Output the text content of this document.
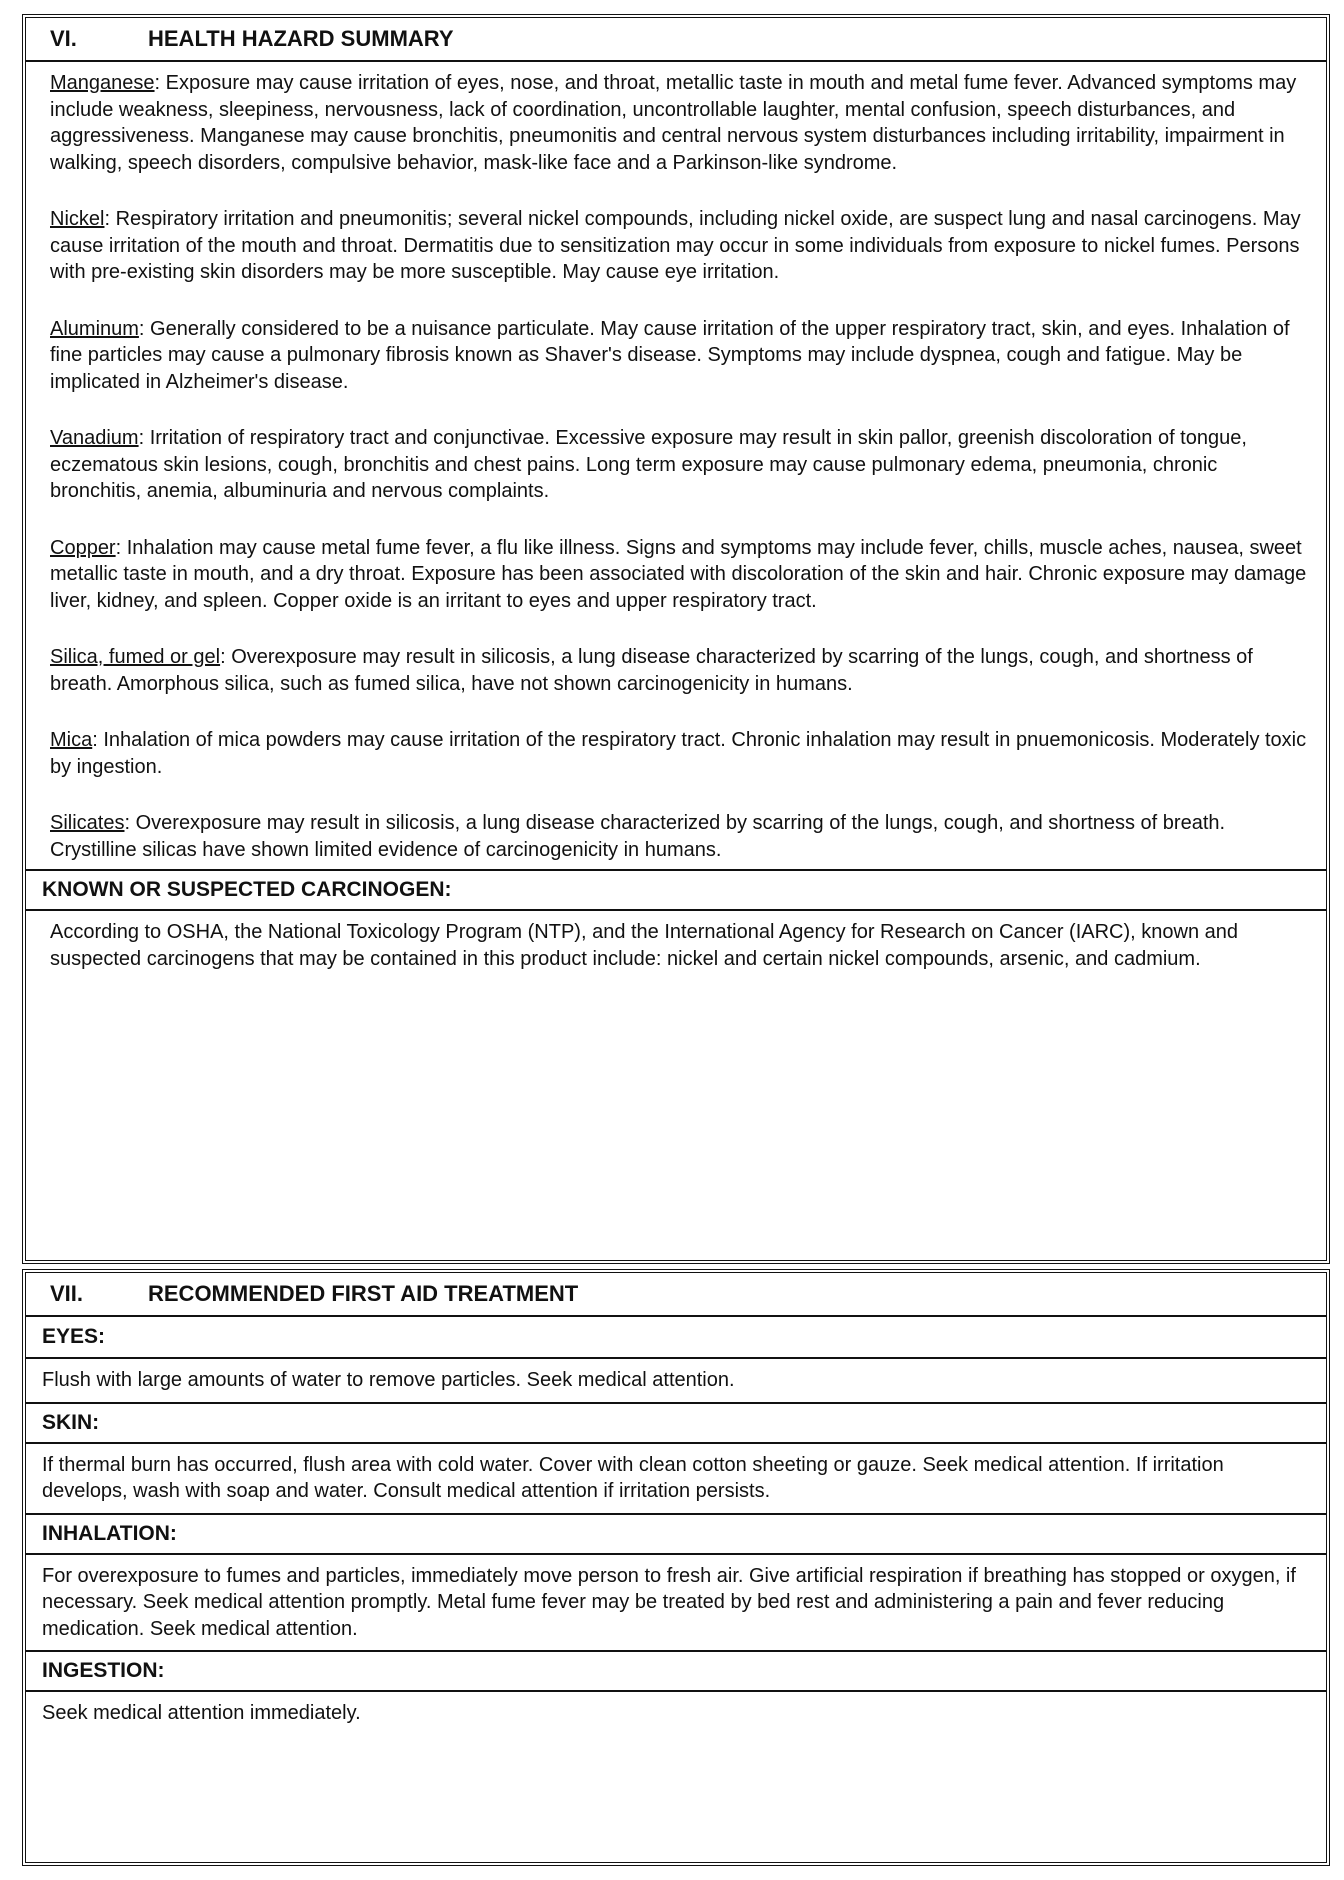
VI.	HEALTH HAZARD SUMMARY

Manganese: Exposure may cause irritation of eyes, nose, and throat, metallic taste in mouth and metal fume fever. Advanced symptoms may include weakness, sleepiness, nervousness, lack of coordination, uncontrollable laughter, mental confusion, speech disturbances, and aggressiveness. Manganese may cause bronchitis, pneumonitis and central nervous system disturbances including irritability, impairment in walking, speech disorders, compulsive behavior, mask-like face and a Parkinson-like syndrome.

Nickel: Respiratory irritation and pneumonitis; several nickel compounds, including nickel oxide, are suspect lung and nasal carcinogens. May cause irritation of the mouth and throat. Dermatitis due to sensitization may occur in some individuals from exposure to nickel fumes. Persons with pre-existing skin disorders may be more susceptible. May cause eye irritation.

Aluminum: Generally considered to be a nuisance particulate. May cause irritation of the upper respiratory tract, skin, and eyes. Inhalation of fine particles may cause a pulmonary fibrosis known as Shaver's disease. Symptoms may include dyspnea, cough and fatigue. May be implicated in Alzheimer's disease.

Vanadium: Irritation of respiratory tract and conjunctivae. Excessive exposure may result in skin pallor, greenish discoloration of tongue, eczematous skin lesions, cough, bronchitis and chest pains. Long term exposure may cause pulmonary edema, pneumonia, chronic bronchitis, anemia, albuminuria and nervous complaints.

Copper: Inhalation may cause metal fume fever, a flu like illness. Signs and symptoms may include fever, chills, muscle aches, nausea, sweet metallic taste in mouth, and a dry throat. Exposure has been associated with discoloration of the skin and hair. Chronic exposure may damage liver, kidney, and spleen. Copper oxide is an irritant to eyes and upper respiratory tract.

Silica, fumed or gel: Overexposure may result in silicosis, a lung disease characterized by scarring of the lungs, cough, and shortness of breath. Amorphous silica, such as fumed silica, have not shown carcinogenicity in humans.

Mica: Inhalation of mica powders may cause irritation of the respiratory tract. Chronic inhalation may result in pnuemonicosis. Moderately toxic by ingestion.

Silicates: Overexposure may result in silicosis, a lung disease characterized by scarring of the lungs, cough, and shortness of breath. Crystilline silicas have shown limited evidence of carcinogenicity in humans.

KNOWN OR SUSPECTED CARCINOGEN:
According to OSHA, the National Toxicology Program (NTP), and the International Agency for Research on Cancer (IARC), known and suspected carcinogens that may be contained in this product include: nickel and certain nickel compounds, arsenic, and cadmium.
VII.	RECOMMENDED FIRST AID TREATMENT
EYES:
Flush with large amounts of water to remove particles. Seek medical attention.
SKIN:
If thermal burn has occurred, flush area with cold water. Cover with clean cotton sheeting or gauze. Seek medical attention. If irritation develops, wash with soap and water. Consult medical attention if irritation persists.
INHALATION:
For overexposure to fumes and particles, immediately move person to fresh air. Give artificial respiration if breathing has stopped or oxygen, if necessary. Seek medical attention promptly. Metal fume fever may be treated by bed rest and administering a pain and fever reducing medication. Seek medical attention.
INGESTION:
Seek medical attention immediately.
